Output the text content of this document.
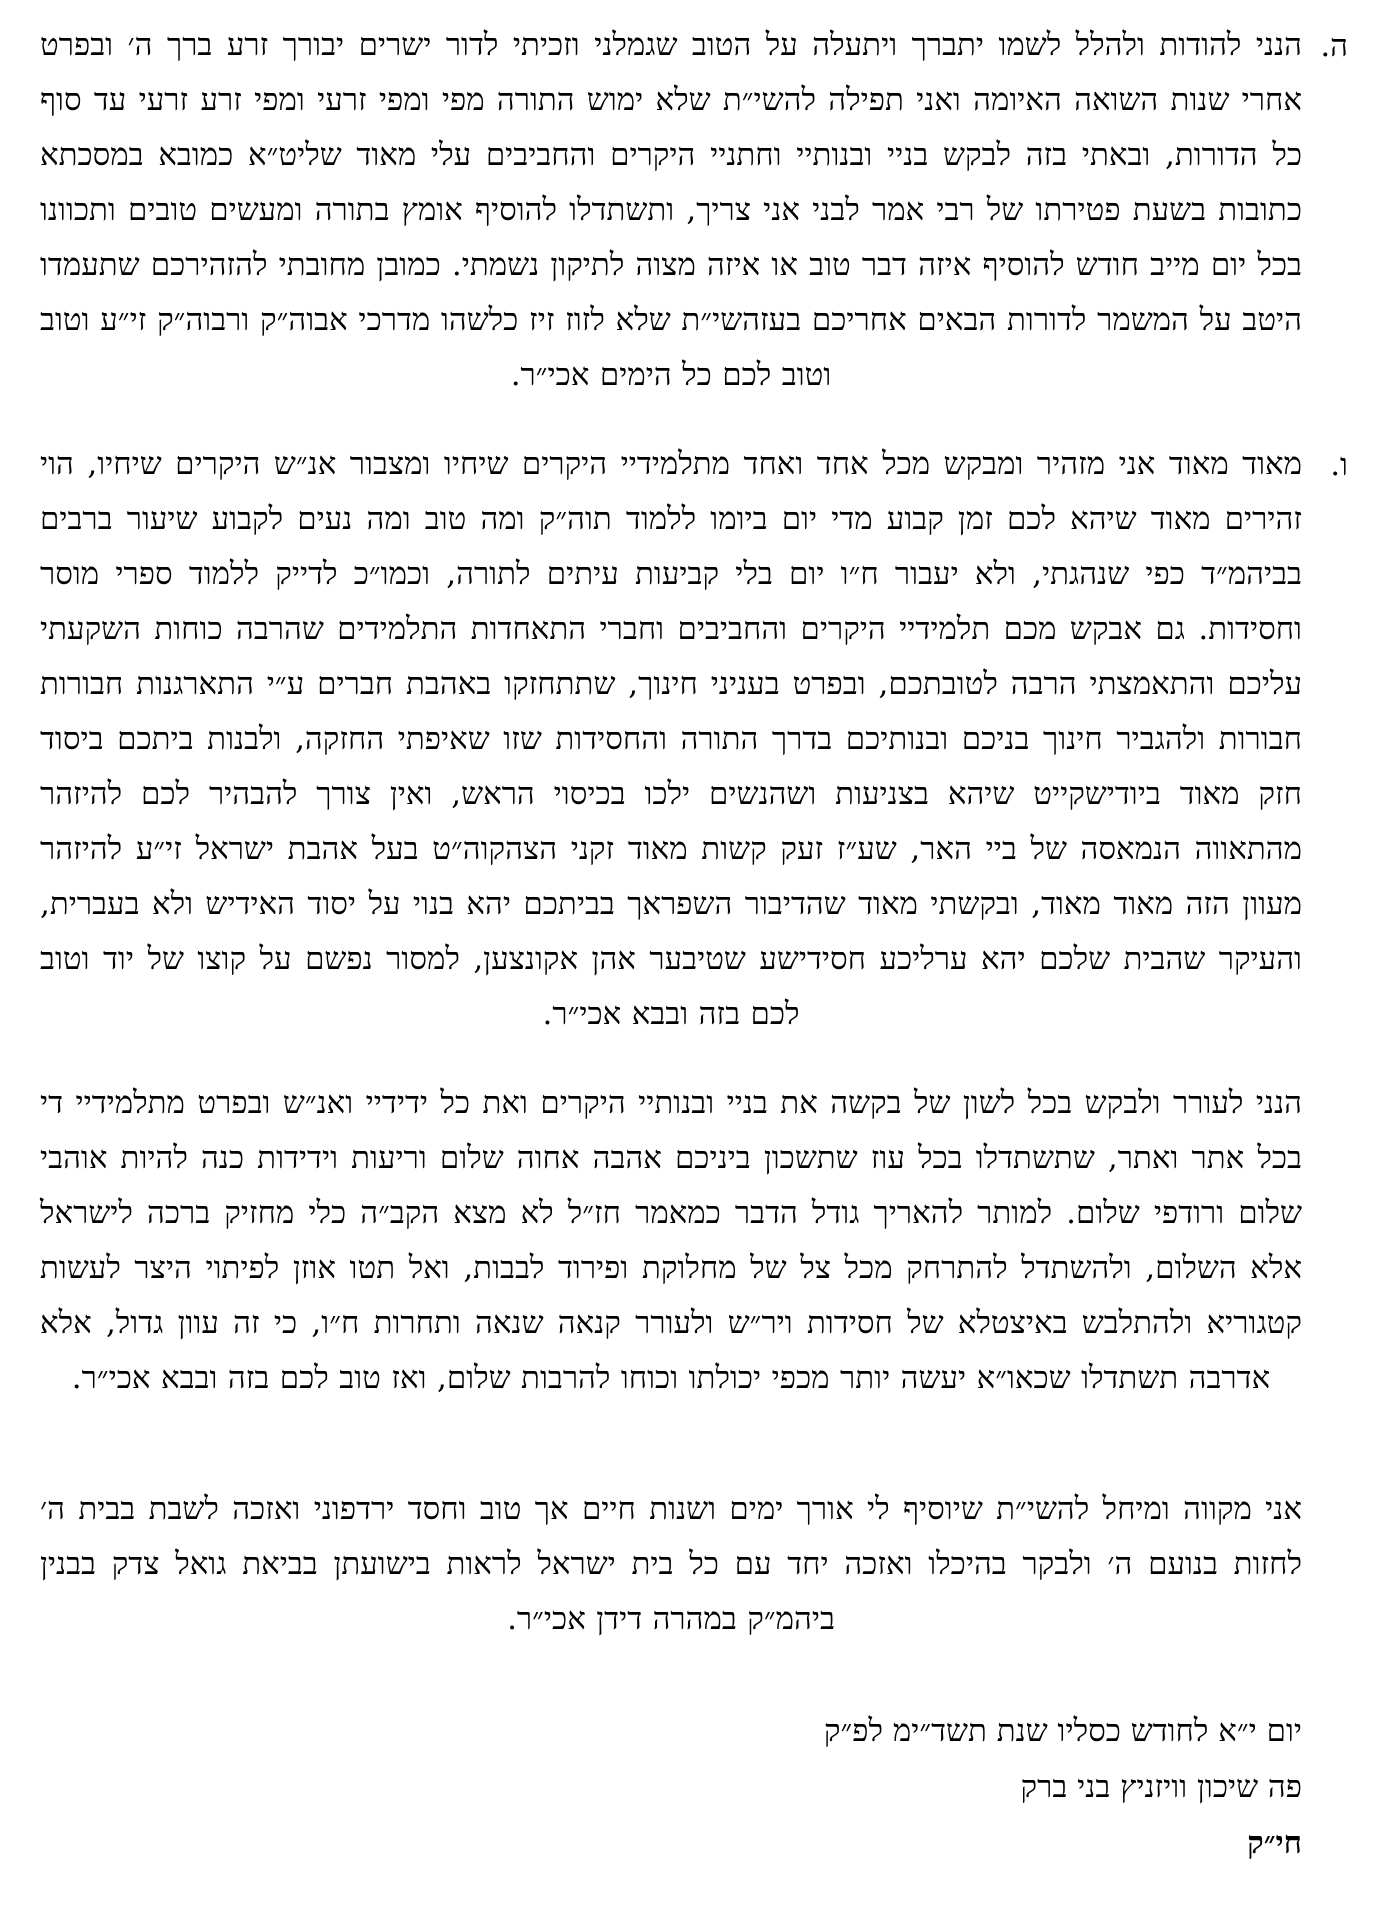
ה.

הנני להודות ולהלל לשמו יתברך ויתעלה על הטוב שגמלני וזכיתי לדור ישרים יבורך זרע ברך ה׳ ובפרט אחרי שנות השואה האיומה ואני תפילה להשי״ת שלא ימוש התורה מפי ומפי זרעי ומפי זרע זרעי עד סוף כל הדורות, ובאתי בזה לבקש בניי ובנותיי וחתניי היקרים והחביבים עלי מאוד שליט״א כמובא במסכתא כתובות בשעת פטירתו של רבי אמר לבני אני צריך, ותשתדלו להוסיף אומץ בתורה ומעשים טובים ותכוונו בכל יום מייב חודש להוסיף איזה דבר טוב או איזה מצוה לתיקון נשמתי. כמובן מחובתי להזהירכם שתעמדו היטב על המשמר לדורות הבאים אחריכם בעזהשי״ת שלא לזוז זיז כלשהו מדרכי אבוה״ק ורבוה״ק זי״ע וטוב וטוב לכם כל הימים אכי״ר.

ו.

מאוד מאוד אני מזהיר ומבקש מכל אחד ואחד מתלמידיי היקרים שיחיו ומצבור אנ״ש היקרים שיחיו, הוי זהירים מאוד שיהא לכם זמן קבוע מדי יום ביומו ללמוד תוה״ק ומה טוב ומה נעים לקבוע שיעור ברבים בביהמ״ד כפי שנהגתי, ולא יעבור ח״ו יום בלי קביעות עיתים לתורה, וכמו״כ לדייק ללמוד ספרי מוסר וחסידות. גם אבקש מכם תלמידיי היקרים והחביבים וחברי התאחדות התלמידים שהרבה כוחות השקעתי עליכם והתאמצתי הרבה לטובתכם, ובפרט בעניני חינוך, שתתחזקו באהבת חברים ע״י התארגנות חבורות חבורות ולהגביר חינוך בניכם ובנותיכם בדרך התורה והחסידות שזו שאיפתי החזקה, ולבנות ביתכם ביסוד חזק מאוד ביודישקייט שיהא בצניעות ושהנשים ילכו בכיסוי הראש, ואין צורך להבהיר לכם להיזהר מהתאווה הנמאסה של ביי האר, שע״ז זעק קשות מאוד זקני הצהקוה״ט בעל אהבת ישראל זי״ע להיזהר מעוון הזה מאוד מאוד, ובקשתי מאוד שהדיבור השפראך בביתכם יהא בנוי על יסוד האידיש ולא בעברית, והעיקר שהבית שלכם יהא ערליכע חסידישע שטיבער אהן אקונצען, למסור נפשם על קוצו של יוד וטוב לכם בזה ובבא אכי״ר.

הנני לעורר ולבקש בכל לשון של בקשה את בניי ובנותיי היקרים ואת כל ידידיי ואנ״ש ובפרט מתלמידיי די בכל אתר ואתר, שתשתדלו בכל עוז שתשכון ביניכם אהבה אחוה שלום וריעות וידידות כנה להיות אוהבי שלום ורודפי שלום. למותר להאריך גודל הדבר כמאמר חז״ל לא מצא הקב״ה כלי מחזיק ברכה לישראל אלא השלום, ולהשתדל להתרחק מכל צל של מחלוקת ופירוד לבבות, ואל תטו אוזן לפיתוי היצר לעשות קטגוריא ולהתלבש באיצטלא של חסידות ויר״ש ולעורר קנאה שנאה ותחרות ח״ו, כי זה עוון גדול, אלא אדרבה תשתדלו שכאו״א יעשה יותר מכפי יכולתו וכוחו להרבות שלום, ואז טוב לכם בזה ובבא אכי״ר.

אני מקווה ומיחל להשי״ת שיוסיף לי אורך ימים ושנות חיים אך טוב וחסד ירדפוני ואזכה לשבת בבית ה׳ לחזות בנועם ה׳ ולבקר בהיכלו ואזכה יחד עם כל בית ישראל לראות בישועתן בביאת גואל צדק בבנין ביהמ״ק במהרה דידן אכי״ר.

יום י״א לחודש כסליו שנת תשד״ימ לפ״ק
פה שיכון וויזניץ בני ברק
חי״ק
